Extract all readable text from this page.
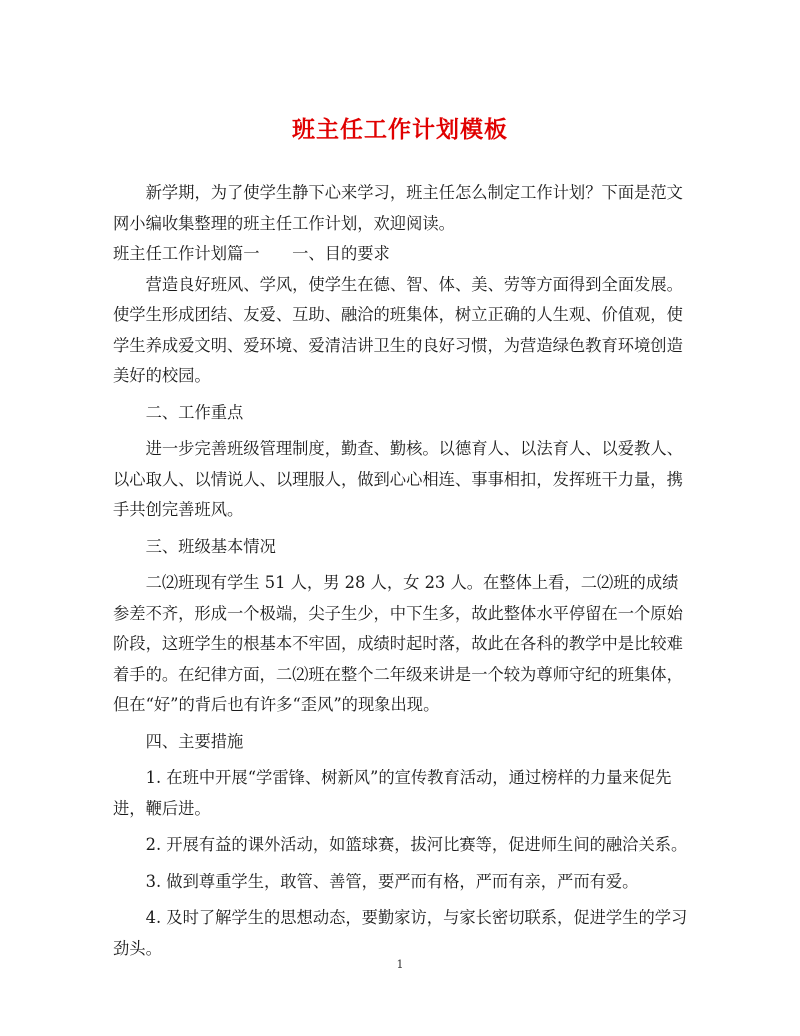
班主任工作计划模板

新学期，为了使学生静下心来学习，班主任怎么制定工作计划？下面是范文网小编收集整理的班主任工作计划，欢迎阅读。

班主任工作计划篇一　　一、目的要求

营造良好班风、学风，使学生在德、智、体、美、劳等方面得到全面发展。使学生形成团结、友爱、互助、融洽的班集体，树立正确的人生观、价值观，使学生养成爱文明、爱环境、爱清洁讲卫生的良好习惯，为营造绿色教育环境创造美好的校园。

二、工作重点

进一步完善班级管理制度，勤查、勤核。以德育人、以法育人、以爱教人、以心取人、以情说人、以理服人，做到心心相连、事事相扣，发挥班干力量，携手共创完善班风。

三、班级基本情况

二⑵班现有学生 51 人，男 28 人，女 23 人。在整体上看，二⑵班的成绩参差不齐，形成一个极端，尖子生少，中下生多，故此整体水平停留在一个原始阶段，这班学生的根基本不牢固，成绩时起时落，故此在各科的教学中是比较难着手的。在纪律方面，二⑵班在整个二年级来讲是一个较为尊师守纪的班集体，但在“好”的背后也有许多“歪风”的现象出现。

四、主要措施

1. 在班中开展“学雷锋、树新风”的宣传教育活动，通过榜样的力量来促先进，鞭后进。

2. 开展有益的课外活动，如篮球赛，拔河比赛等，促进师生间的融洽关系。

3. 做到尊重学生，敢管、善管，要严而有格，严而有亲，严而有爱。

4. 及时了解学生的思想动态，要勤家访，与家长密切联系，促进学生的学习劲头。

1
